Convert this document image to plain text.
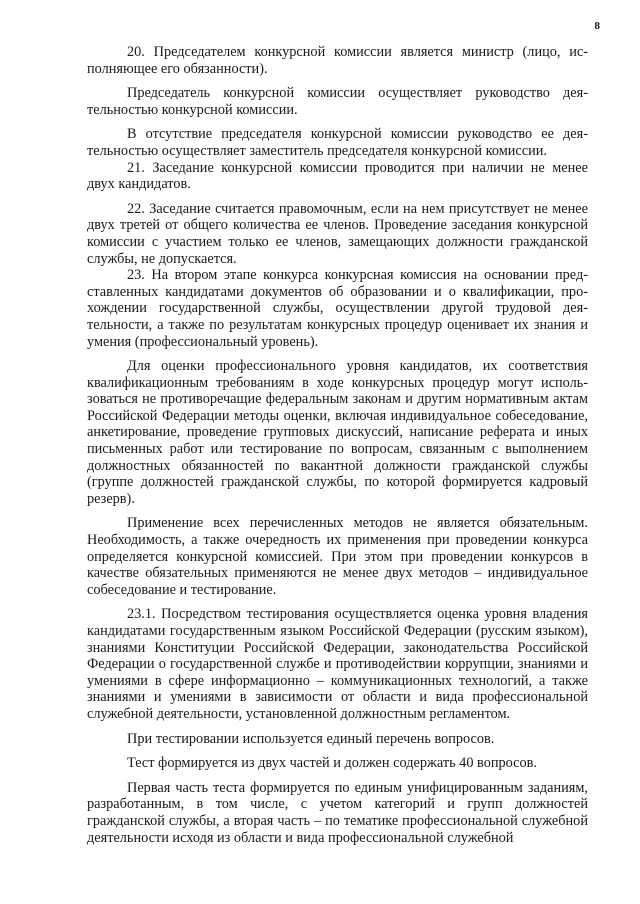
8

20. Председателем конкурсной комиссии является министр (лицо, исполняющее его обязанности).

Председатель конкурсной комиссии осуществляет руководство деятельностью конкурсной комиссии.

В отсутствие председателя конкурсной комиссии руководство ее деятельностью осуществляет заместитель председателя конкурсной комиссии.

21. Заседание конкурсной комиссии проводится при наличии не менее двух кандидатов.

22. Заседание считается правомочным, если на нем присутствует не менее двух третей от общего количества ее членов. Проведение заседания конкурсной комиссии с участием только ее членов, замещающих должности гражданской службы, не допускается.

23. На втором этапе конкурса конкурсная комиссия на основании представленных кандидатами документов об образовании и о квалификации, прохождении государственной службы, осуществлении другой трудовой деятельности, а также по результатам конкурсных процедур оценивает их знания и умения (профессиональный уровень).

Для оценки профессионального уровня кандидатов, их соответствия квалификационным требованиям в ходе конкурсных процедур могут использоваться не противоречащие федеральным законам и другим нормативным актам Российской Федерации методы оценки, включая индивидуальное собеседование, анкетирование, проведение групповых дискуссий, написание реферата и иных письменных работ или тестирование по вопросам, связанным с выполнением должностных обязанностей по вакантной должности гражданской службы (группе должностей гражданской службы, по которой формируется кадровый резерв).

Применение всех перечисленных методов не является обязательным. Необходимость, а также очередность их применения при проведении конкурса определяется конкурсной комиссией. При этом при проведении конкурсов в качестве обязательных применяются не менее двух методов – индивидуальное собеседование и тестирование.

23.1. Посредством тестирования осуществляется оценка уровня владения кандидатами государственным языком Российской Федерации (русским языком), знаниями Конституции Российской Федерации, законодательства Российской Федерации о государственной службе и противодействии коррупции, знаниями и умениями в сфере информационно – коммуникационных технологий, а также знаниями и умениями в зависимости от области и вида профессиональной служебной деятельности, установленной должностным регламентом.

При тестировании используется единый перечень вопросов.

Тест формируется из двух частей и должен содержать 40 вопросов.

Первая часть теста формируется по единым унифицированным заданиям, разработанным, в том числе, с учетом категорий и групп должностей гражданской службы, а вторая часть – по тематике профессиональной служебной деятельности исходя из области и вида профессиональной служебной
